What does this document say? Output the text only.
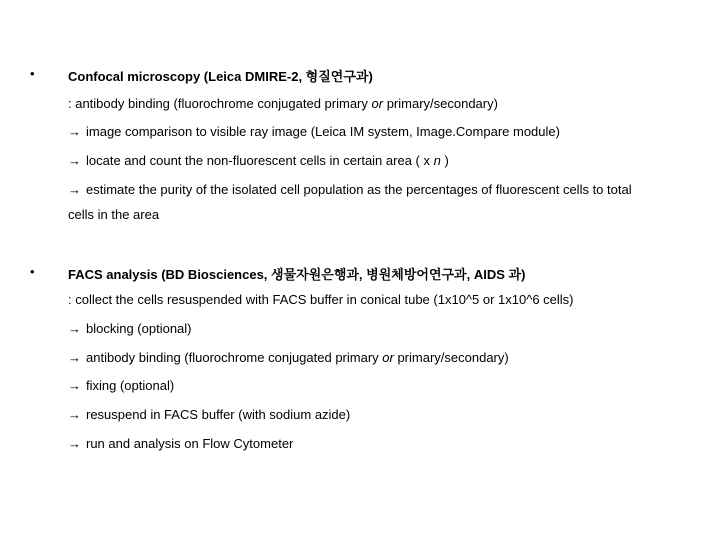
•	Confocal microscopy (Leica DMIRE-2, 형질연구과)
: antibody binding (fluorochrome conjugated primary or primary/secondary)
→ image comparison to visible ray image (Leica IM system, Image.Compare module)
→ locate and count the non-fluorescent cells in certain area ( x n )
→ estimate the purity of the isolated cell population as the percentages of fluorescent cells to total
cells in the area
•	FACS analysis (BD Biosciences, 생물자원은행과, 병원체방어연구과, AIDS 과)
: collect the cells resuspended with FACS buffer in conical tube (1x10^5 or 1x10^6 cells)
→ blocking (optional)
→ antibody binding (fluorochrome conjugated primary or primary/secondary)
→ fixing (optional)
→ resuspend in FACS buffer (with sodium azide)
→ run and analysis on Flow Cytometer
